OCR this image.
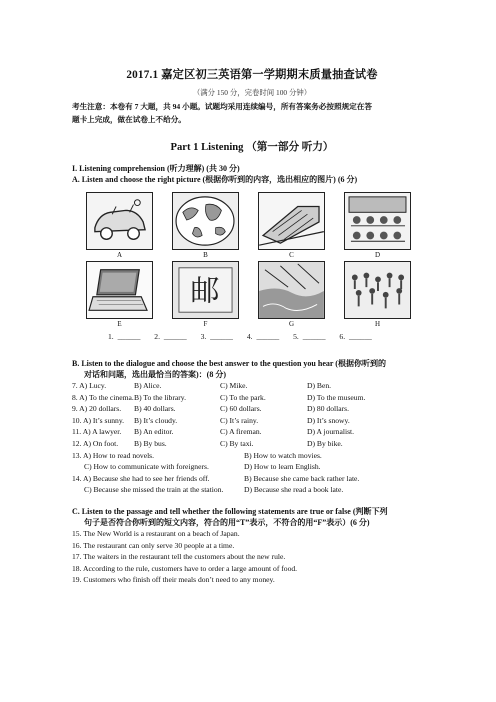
2017.1 嘉定区初三英语第一学期期末质量抽查试卷
（满分 150 分，完卷时间 100 分钟）
考生注意：本卷有 7 大题，共 94 小题。试题均采用连续编号，所有答案务必按照规定在答
题卡上完成，做在试卷上不给分。
Part 1 Listening （第一部分 听力）
I. Listening comprehension (听力理解) (共 30 分)
A. Listen and choose the right picture (根据你听到的内容，选出相应的图片) (6 分)
A	B	C	D
E
邮
F	G	H
1. ______ 2. ______ 3. ______ 4. ______ 5. ______ 6. ______
B. Listen to the dialogue and choose the best answer to the question you hear (根据你听到的
对话和问题，选出最恰当的答案)：(8 分)
7. A) Lucy.	B) Alice.	C) Mike.	D) Ben.
8. A) To the cinema. B) To the library.	C) To the park.	D) To the museum.
9. A) 20 dollars.	B) 40 dollars.	C) 60 dollars.	D) 80 dollars.
10. A) It’s sunny.	B) It’s cloudy.	C) It’s rainy.	D) It’s snowy.
11. A) A lawyer.	B) An editor.	C) A fireman.	D) A journalist.
12. A) On foot.	B) By bus.	C) By taxi.	D) By bike.
13. A) How to read novels.	B) How to watch movies.
C) How to communicate with foreigners.	D) How to learn English.
14. A) Because she had to see her friends off.	B) Because she came back rather late.
C) Because she missed the train at the station.	D) Because she read a book late.
C. Listen to the passage and tell whether the following statements are true or false (判断下列
句子是否符合你听到的短文内容，符合的用“T”表示，不符合的用“F”表示）(6 分)
15. The New World is a restaurant on a beach of Japan.
16. The restaurant can only serve 30 people at a time.
17. The waiters in the restaurant tell the customers about the new rule.
18. According to the rule, customers have to order a large amount of food.
19. Customers who finish off their meals don’t need to any money.
